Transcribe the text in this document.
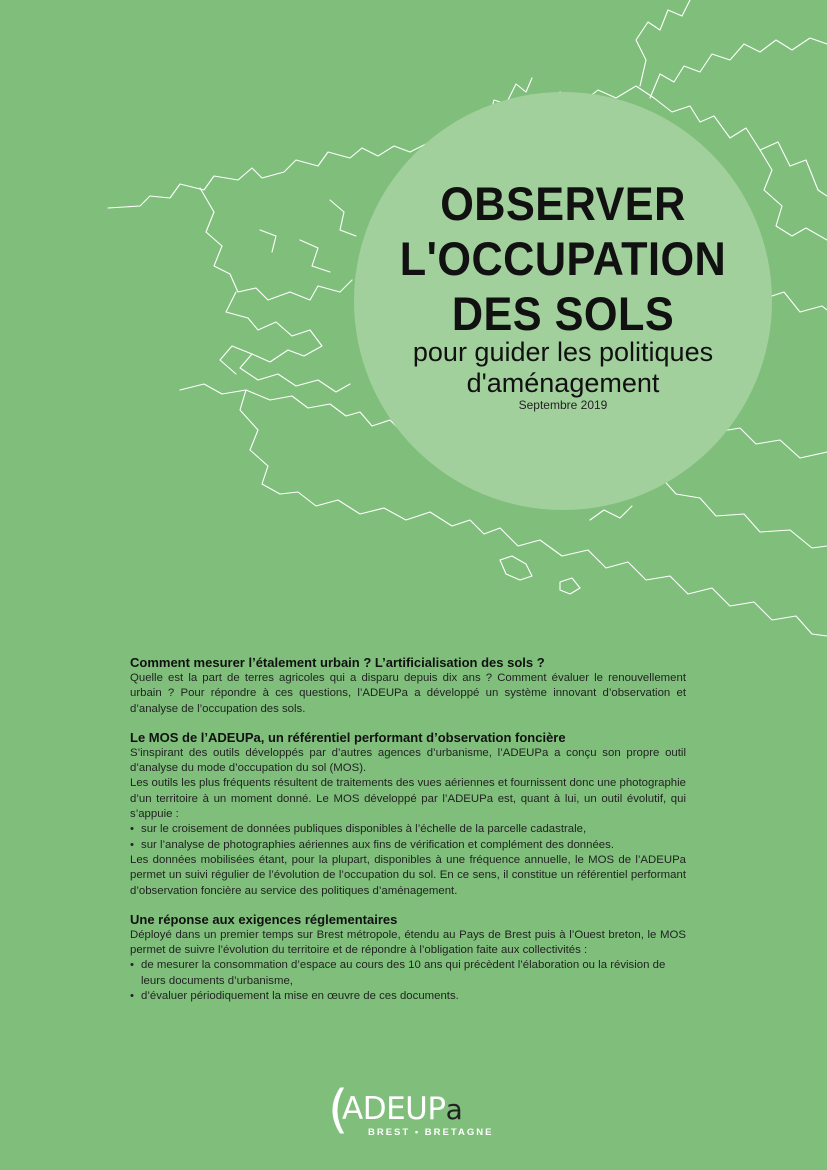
OBSERVER
L'OCCUPATION
DES SOLS
pour guider les politiques
d'aménagement
Septembre 2019
Comment mesurer l’étalement urbain ? L’artificialisation des sols ?

Quelle est la part de terres agricoles qui a disparu depuis dix ans ? Comment évaluer le renouvellement urbain ? Pour répondre à ces questions, l’ADEUPa a développé un système innovant d’observation et d’analyse de l’occupation des sols.

Le MOS de l’ADEUPa, un référentiel performant d’observation foncière

S’inspirant des outils développés par d’autres agences d’urbanisme, l’ADEUPa a conçu son propre outil d’analyse du mode d’occupation du sol (MOS).

Les outils les plus fréquents résultent de traitements des vues aériennes et fournissent donc une photographie d’un territoire à un moment donné. Le MOS développé par l’ADEUPa est, quant à lui, un outil évolutif, qui s’appuie :

• sur le croisement de données publiques disponibles à l’échelle de la parcelle cadastrale,
• sur l’analyse de photographies aériennes aux fins de vérification et complément des données.

Les données mobilisées étant, pour la plupart, disponibles à une fréquence annuelle, le MOS de l’ADEUPa permet un suivi régulier de l’évolution de l’occupation du sol. En ce sens, il constitue un référentiel performant d’observation foncière au service des politiques d’aménagement.

Une réponse aux exigences réglementaires

Déployé dans un premier temps sur Brest métropole, étendu au Pays de Brest puis à l’Ouest breton, le MOS permet de suivre l’évolution du territoire et de répondre à l’obligation faite aux collectivités :

• de mesurer la consommation d’espace au cours des 10 ans qui précèdent l’élaboration ou la révision de leurs documents d’urbanisme,
• d’évaluer périodiquement la mise en œuvre de ces documents.
(
ADEUPa
BREST • BRETAGNE
